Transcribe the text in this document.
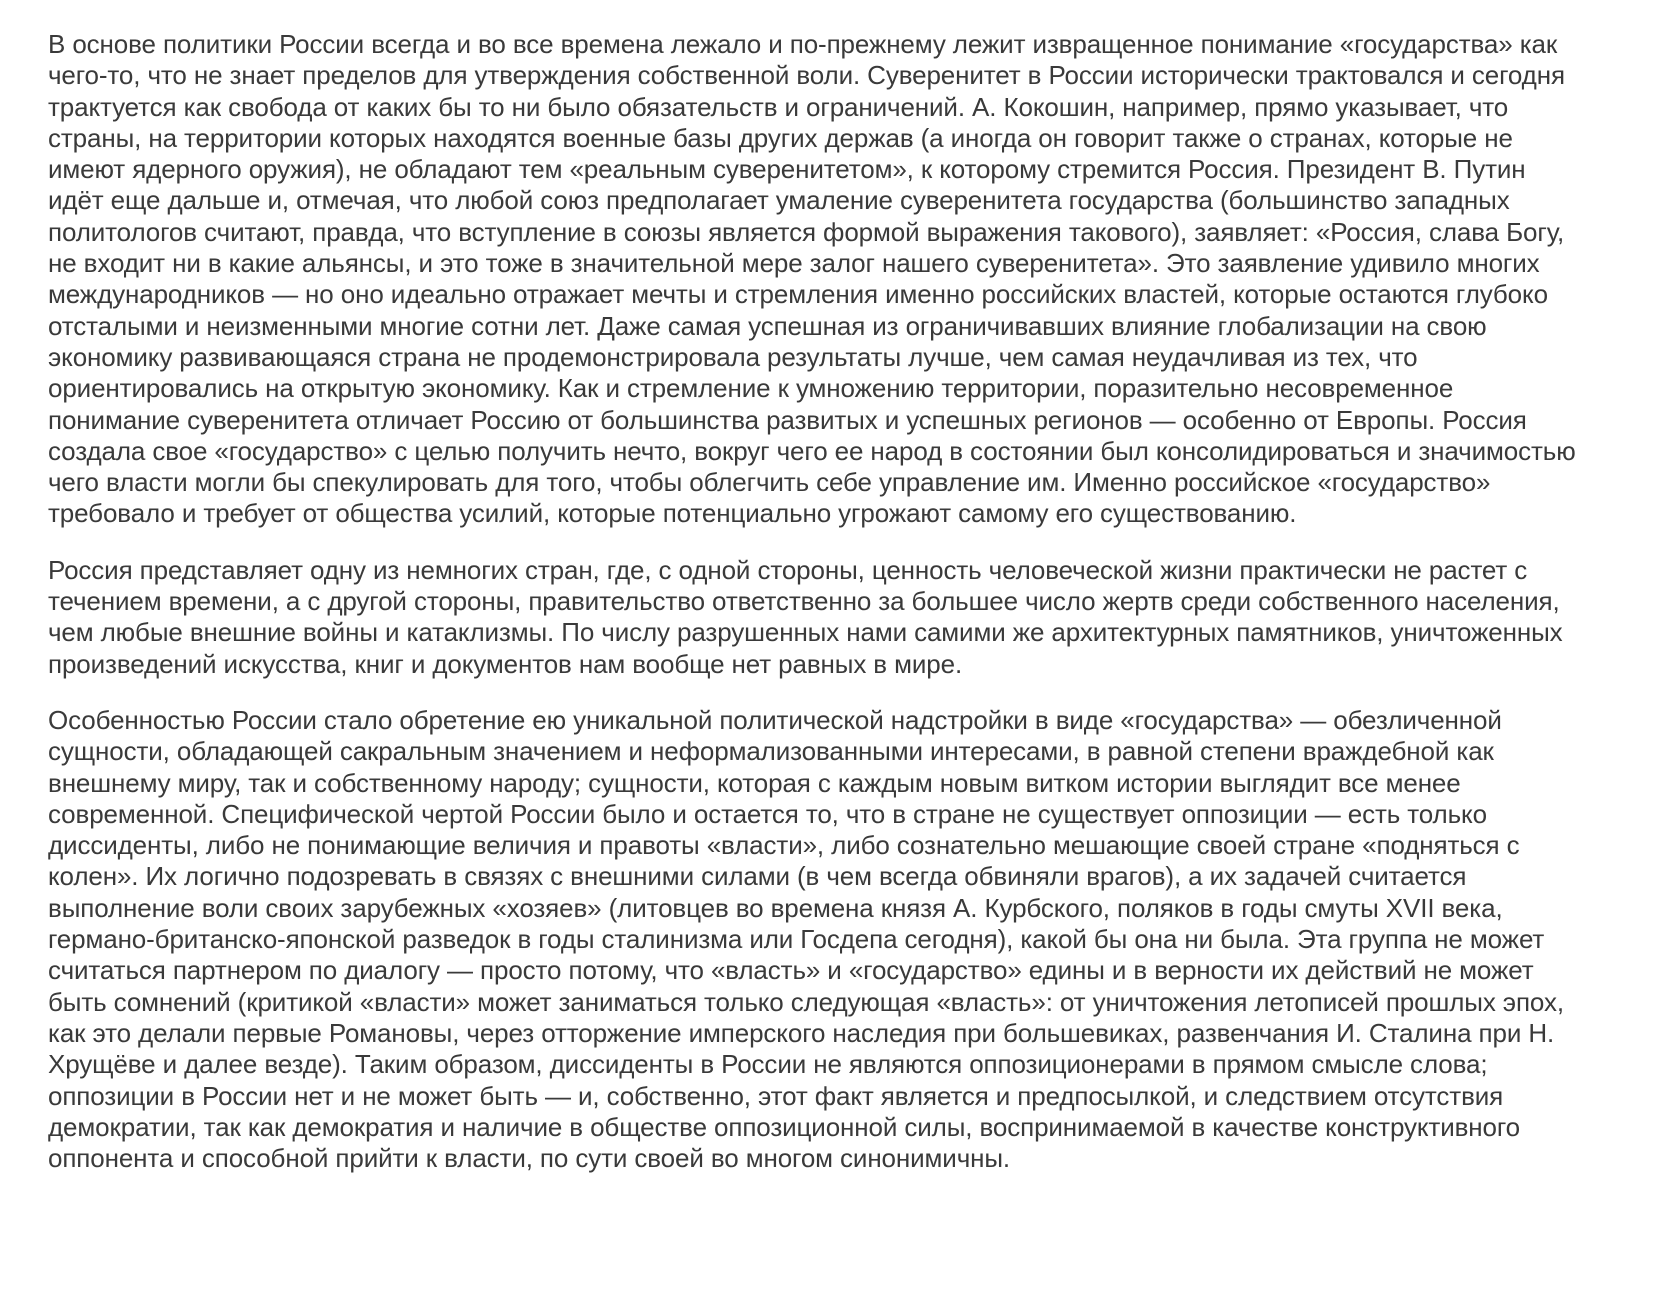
В основе политики России всегда и во все времена лежало и по-прежнему лежит извращенное понимание «государства» как чего-то, что не знает пределов для утверждения собственной воли. Суверенитет в России исторически трактовался и сегодня трактуется как свобода от каких бы то ни было обязательств и ограничений. А. Кокошин, например, прямо указывает, что страны, на территории которых находятся военные базы других держав (а иногда он говорит также о странах, которые не имеют ядерного оружия), не обладают тем «реальным суверенитетом», к которому стремится Россия. Президент В. Путин идёт еще дальше и, отмечая, что любой союз предполагает умаление суверенитета государства (большинство западных политологов считают, правда, что вступление в союзы является формой выражения такового), заявляет: «Россия, слава Богу, не входит ни в какие альянсы, и это тоже в значительной мере залог нашего суверенитета». Это заявление удивило многих международников — но оно идеально отражает мечты и стремления именно российских властей, которые остаются глубоко отсталыми и неизменными многие сотни лет. Даже самая успешная из ограничивавших влияние глобализации на свою экономику развивающаяся страна не продемонстрировала результаты лучше, чем самая неудачливая из тех, что ориентировались на открытую экономику. Как и стремление к умножению территории, поразительно несовременное понимание суверенитета отличает Россию от большинства развитых и успешных регионов — особенно от Европы. Россия создала свое «государство» с целью получить нечто, вокруг чего ее народ в состоянии был консолидироваться и значимостью чего власти могли бы спекулировать для того, чтобы облегчить себе управление им. Именно российское «государство» требовало и требует от общества усилий, которые потенциально угрожают самому его существованию.

Россия представляет одну из немногих стран, где, с одной стороны, ценность человеческой жизни практически не растет с течением времени, а с другой стороны, правительство ответственно за большее число жертв среди собственного населения, чем любые внешние войны и катаклизмы. По числу разрушенных нами самими же архитектурных памятников, уничтоженных произведений искусства, книг и документов нам вообще нет равных в мире.

Особенностью России стало обретение ею уникальной политической надстройки в виде «государства» — обезличенной сущности, обладающей сакральным значением и неформализованными интересами, в равной степени враждебной как внешнему миру, так и собственному народу; сущности, которая с каждым новым витком истории выглядит все менее современной. Специфической чертой России было и остается то, что в стране не существует оппозиции — есть только диссиденты, либо не понимающие величия и правоты «власти», либо сознательно мешающие своей стране «подняться с колен». Их логично подозревать в связях с внешними силами (в чем всегда обвиняли врагов), а их задачей считается выполнение воли своих зарубежных «хозяев» (литовцев во времена князя А. Курбского, поляков в годы смуты XVII века, германо-британско-японской разведок в годы сталинизма или Госдепа сегодня), какой бы она ни была. Эта группа не может считаться партнером по диалогу — просто потому, что «власть» и «государство» едины и в верности их действий не может быть сомнений (критикой «власти» может заниматься только следующая «власть»: от уничтожения летописей прошлых эпох, как это делали первые Романовы, через отторжение имперского наследия при большевиках, развенчания И. Сталина при Н. Хрущёве и далее везде). Таким образом, диссиденты в России не являются оппозиционерами в прямом смысле слова; оппозиции в России нет и не может быть — и, собственно, этот факт является и предпосылкой, и следствием отсутствия демократии, так как демократия и наличие в обществе оппозиционной силы, воспринимаемой в качестве конструктивного оппонента и способной прийти к власти, по сути своей во многом синонимичны.
